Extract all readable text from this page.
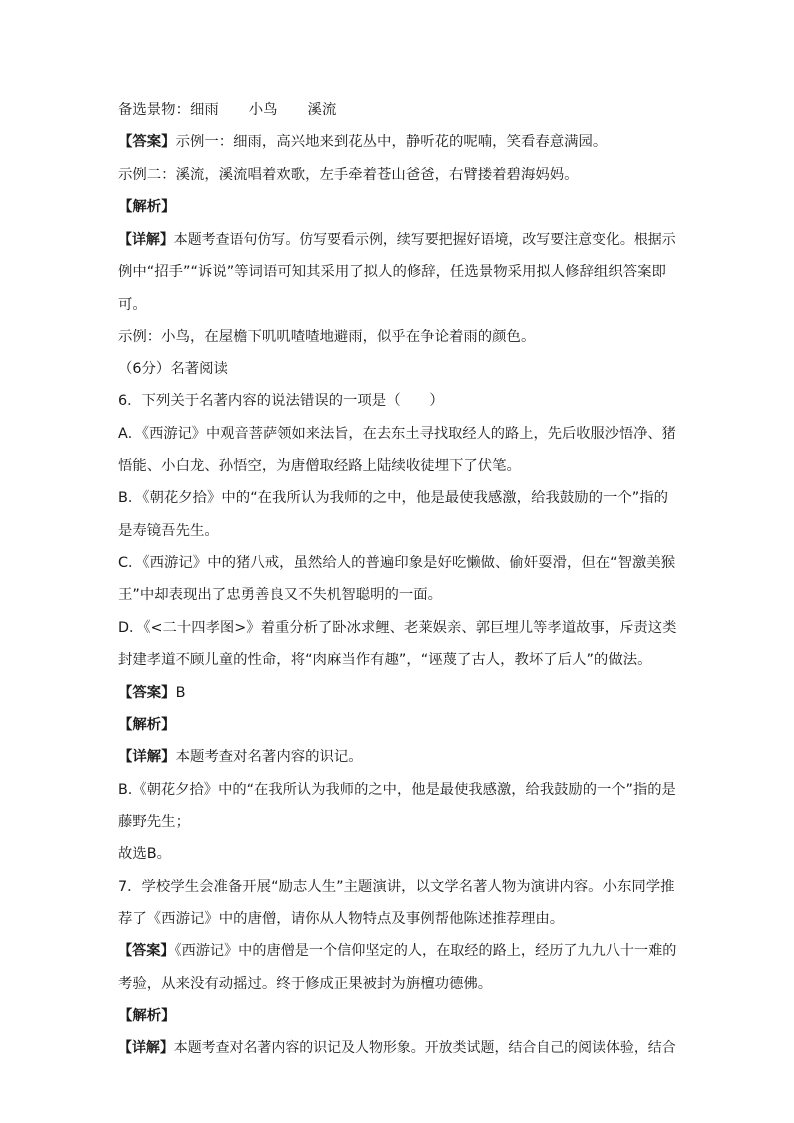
备选景物：细雨 小鸟 溪流
【答案】示例一：细雨，高兴地来到花丛中，静听花的呢喃，笑看春意满园。
示例二：溪流，溪流唱着欢歌，左手牵着苍山爸爸，右臂搂着碧海妈妈。
【解析】
【详解】本题考查语句仿写。仿写要看示例，续写要把握好语境，改写要注意变化。根据示
例中“招手”“诉说”等词语可知其采用了拟人的修辞，任选景物采用拟人修辞组织答案即
可。
示例：小鸟，在屋檐下叽叽喳喳地避雨，似乎在争论着雨的颜色。
（6分）名著阅读
6．下列关于名著内容的说法错误的一项是（　　）
A．《西游记》中观音菩萨领如来法旨，在去东土寻找取经人的路上，先后收服沙悟净、猪
悟能、小白龙、孙悟空，为唐僧取经路上陆续收徒埋下了伏笔。
B．《朝花夕拾》中的“在我所认为我师的之中，他是最使我感激，给我鼓励的一个”指的
是寿镜吾先生。
C．《西游记》中的猪八戒，虽然给人的普遍印象是好吃懒做、偷奸耍滑，但在“智激美猴
王”中却表现出了忠勇善良又不失机智聪明的一面。
D．《<二十四孝图>》着重分析了卧冰求鲤、老莱娱亲、郭巨埋儿等孝道故事，斥责这类
封建孝道不顾儿童的性命，将“肉麻当作有趣”，“诬蔑了古人，教坏了后人”的做法。
【答案】B
【解析】
【详解】本题考查对名著内容的识记。
B.《朝花夕拾》中的“在我所认为我师的之中，他是最使我感激，给我鼓励的一个”指的是
藤野先生；
故选B。
7．学校学生会准备开展“励志人生”主题演讲，以文学名著人物为演讲内容。小东同学推
荐了《西游记》中的唐僧，请你从人物特点及事例帮他陈述推荐理由。
【答案】《西游记》中的唐僧是一个信仰坚定的人，在取经的路上，经历了九九八十一难的
考验，从来没有动摇过。终于修成正果被封为旃檀功德佛。
【解析】
【详解】本题考查对名著内容的识记及人物形象。开放类试题，结合自己的阅读体验，结合
